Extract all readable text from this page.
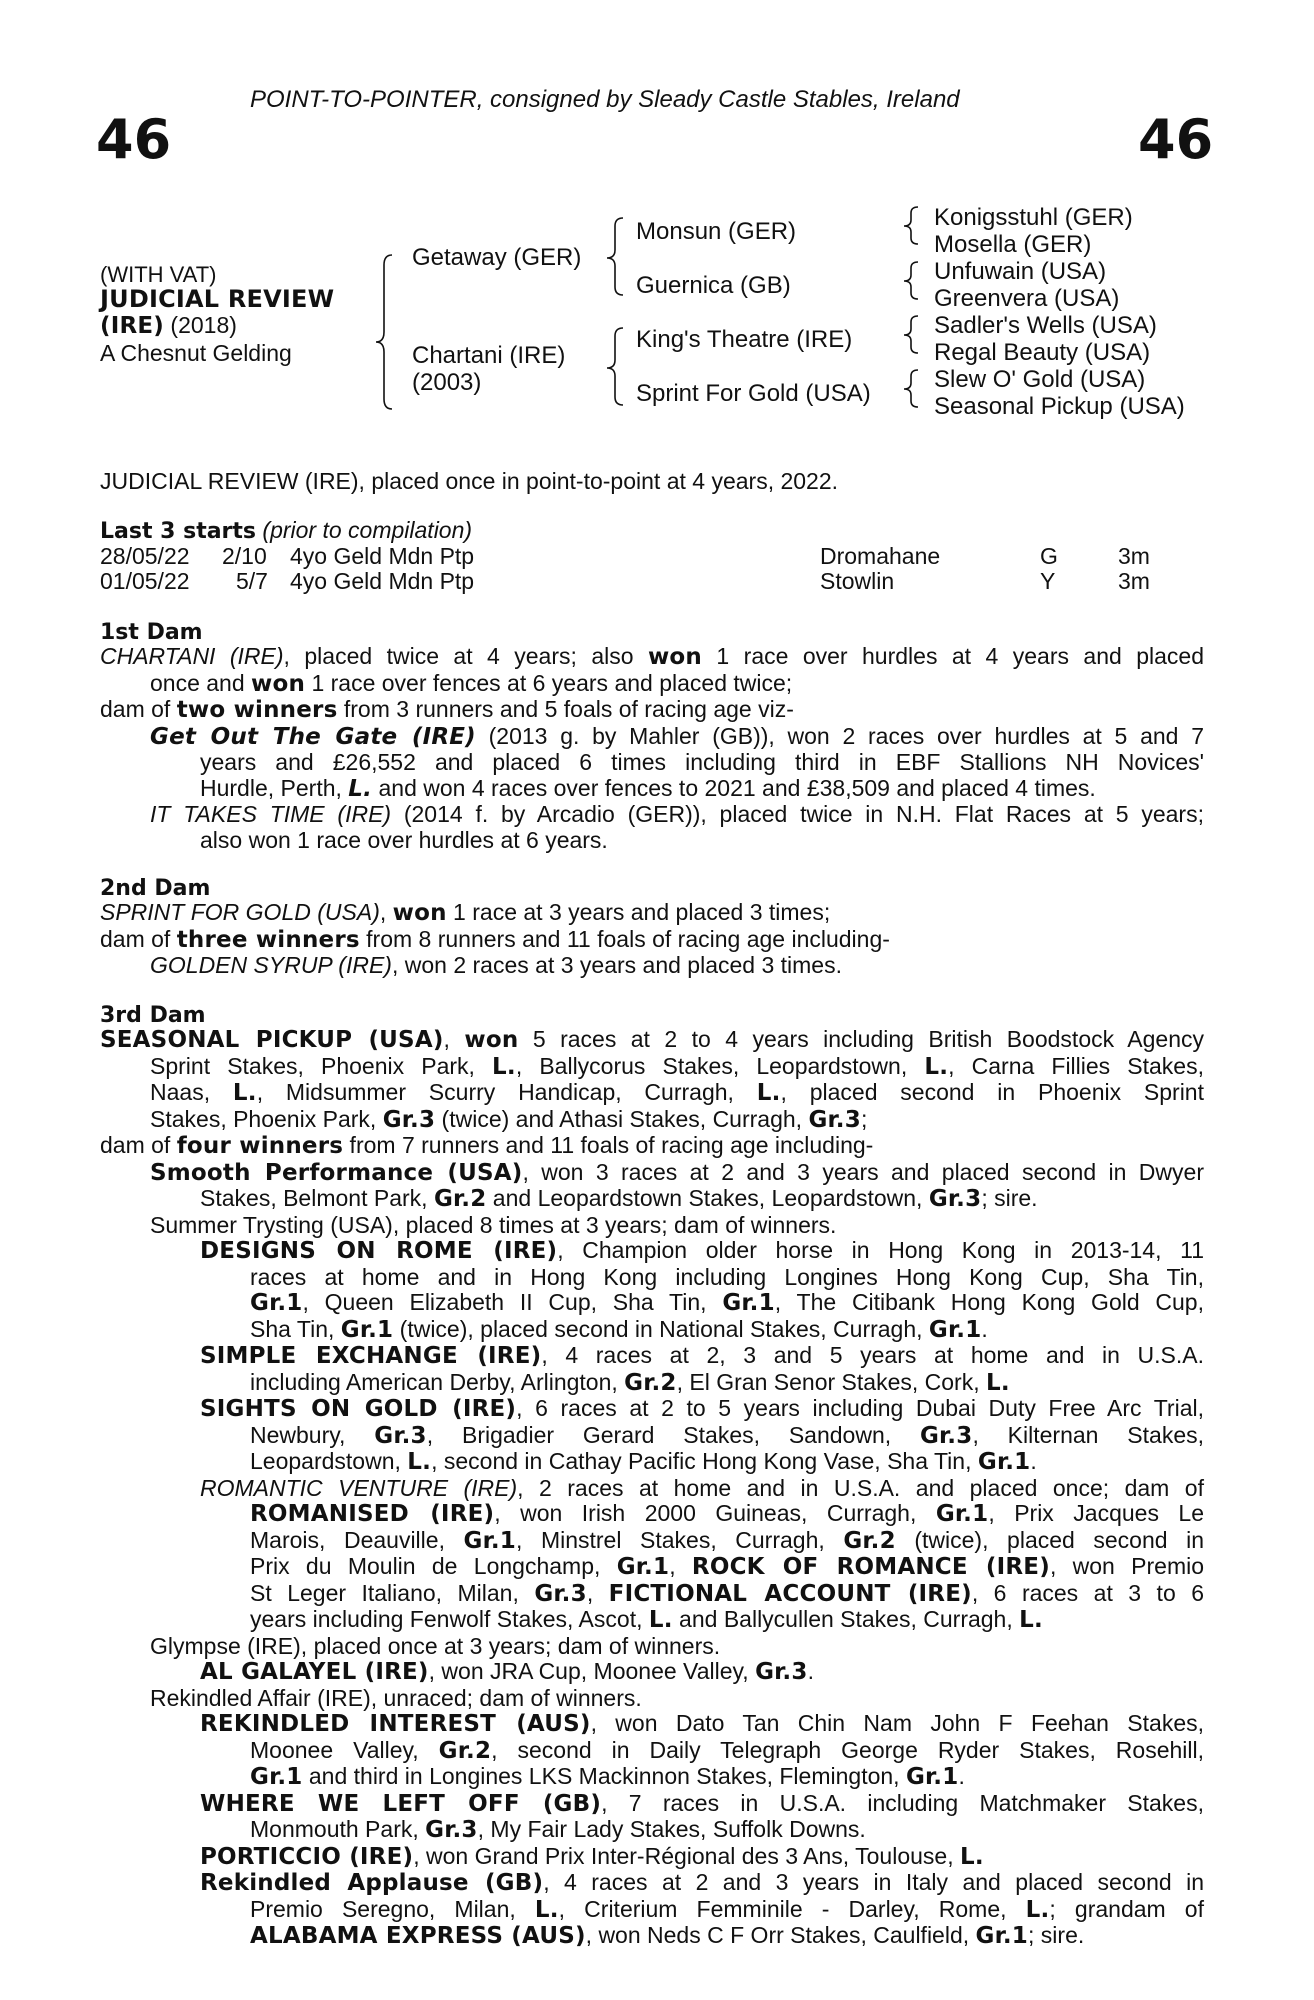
POINT-TO-POINTER, consigned by Sleady Castle Stables, Ireland
46	46
(WITH VAT)
JUDICIAL REVIEW
(IRE) (2018)
A Chesnut Gelding
Getaway (GER)
Chartani (IRE)
(2003)
Monsun (GER)
Guernica (GB)
King's Theatre (IRE)
Sprint For Gold (USA)
Konigsstuhl (GER)
Mosella (GER)
Unfuwain (USA)
Greenvera (USA)
Sadler's Wells (USA)
Regal Beauty (USA)
Slew O' Gold (USA)
Seasonal Pickup (USA)
JUDICIAL REVIEW (IRE), placed once in point-to-point at 4 years, 2022.
Last 3 starts (prior to compilation)
28/05/22 2/10 4yo Geld Mdn Ptp	Dromahane	G	3m
01/05/22 5/7 4yo Geld Mdn Ptp	Stowlin	Y	3m
1st Dam
CHARTANI (IRE), placed twice at 4 years; also won 1 race over hurdles at 4 years and placed
once and won 1 race over fences at 6 years and placed twice;
dam of two winners from 3 runners and 5 foals of racing age viz-
Get Out The Gate (IRE) (2013 g. by Mahler (GB)), won 2 races over hurdles at 5 and 7
years and £26,552 and placed 6 times including third in EBF Stallions NH Novices'
Hurdle, Perth, L. and won 4 races over fences to 2021 and £38,509 and placed 4 times.
IT TAKES TIME (IRE) (2014 f. by Arcadio (GER)), placed twice in N.H. Flat Races at 5 years;
also won 1 race over hurdles at 6 years.
2nd Dam
SPRINT FOR GOLD (USA), won 1 race at 3 years and placed 3 times;
dam of three winners from 8 runners and 11 foals of racing age including-
GOLDEN SYRUP (IRE), won 2 races at 3 years and placed 3 times.
3rd Dam
SEASONAL PICKUP (USA), won 5 races at 2 to 4 years including British Boodstock Agency
Sprint Stakes, Phoenix Park, L., Ballycorus Stakes, Leopardstown, L., Carna Fillies Stakes,
Naas, L., Midsummer Scurry Handicap, Curragh, L., placed second in Phoenix Sprint
Stakes, Phoenix Park, Gr.3 (twice) and Athasi Stakes, Curragh, Gr.3;
dam of four winners from 7 runners and 11 foals of racing age including-
Smooth Performance (USA), won 3 races at 2 and 3 years and placed second in Dwyer
Stakes, Belmont Park, Gr.2 and Leopardstown Stakes, Leopardstown, Gr.3; sire.
Summer Trysting (USA), placed 8 times at 3 years; dam of winners.
DESIGNS ON ROME (IRE), Champion older horse in Hong Kong in 2013-14, 11
races at home and in Hong Kong including Longines Hong Kong Cup, Sha Tin,
Gr.1, Queen Elizabeth II Cup, Sha Tin, Gr.1, The Citibank Hong Kong Gold Cup,
Sha Tin, Gr.1 (twice), placed second in National Stakes, Curragh, Gr.1.
SIMPLE EXCHANGE (IRE), 4 races at 2, 3 and 5 years at home and in U.S.A.
including American Derby, Arlington, Gr.2, El Gran Senor Stakes, Cork, L.
SIGHTS ON GOLD (IRE), 6 races at 2 to 5 years including Dubai Duty Free Arc Trial,
Newbury, Gr.3, Brigadier Gerard Stakes, Sandown, Gr.3, Kilternan Stakes,
Leopardstown, L., second in Cathay Pacific Hong Kong Vase, Sha Tin, Gr.1.
ROMANTIC VENTURE (IRE), 2 races at home and in U.S.A. and placed once; dam of
ROMANISED (IRE), won Irish 2000 Guineas, Curragh, Gr.1, Prix Jacques Le
Marois, Deauville, Gr.1, Minstrel Stakes, Curragh, Gr.2 (twice), placed second in
Prix du Moulin de Longchamp, Gr.1, ROCK OF ROMANCE (IRE), won Premio
St Leger Italiano, Milan, Gr.3, FICTIONAL ACCOUNT (IRE), 6 races at 3 to 6
years including Fenwolf Stakes, Ascot, L. and Ballycullen Stakes, Curragh, L.
Glympse (IRE), placed once at 3 years; dam of winners.
AL GALAYEL (IRE), won JRA Cup, Moonee Valley, Gr.3.
Rekindled Affair (IRE), unraced; dam of winners.
REKINDLED INTEREST (AUS), won Dato Tan Chin Nam John F Feehan Stakes,
Moonee Valley, Gr.2, second in Daily Telegraph George Ryder Stakes, Rosehill,
Gr.1 and third in Longines LKS Mackinnon Stakes, Flemington, Gr.1.
WHERE WE LEFT OFF (GB), 7 races in U.S.A. including Matchmaker Stakes,
Monmouth Park, Gr.3, My Fair Lady Stakes, Suffolk Downs.
PORTICCIO (IRE), won Grand Prix Inter-Régional des 3 Ans, Toulouse, L.
Rekindled Applause (GB), 4 races at 2 and 3 years in Italy and placed second in
Premio Seregno, Milan, L., Criterium Femminile - Darley, Rome, L.; grandam of
ALABAMA EXPRESS (AUS), won Neds C F Orr Stakes, Caulfield, Gr.1; sire.
